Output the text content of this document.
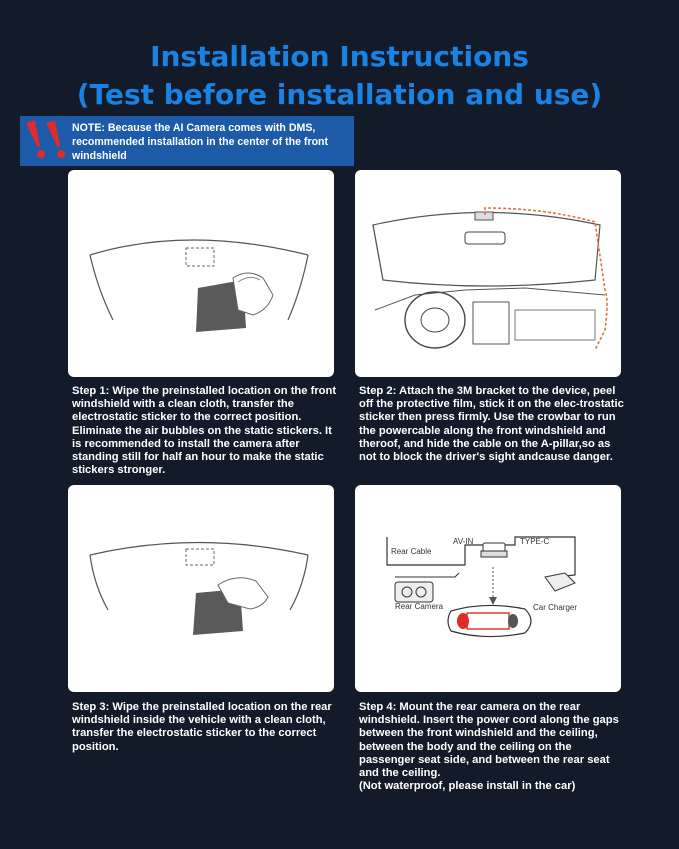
Installation Instructions
(Test before installation and use)
NOTE: Because the AI Camera comes with DMS, recommended installation in the center of the front windshield
AV-IN	TYPE-C
Rear Cable
Rear Camera	Car Charger
Step 1: Wipe the preinstalled location on the front windshield with a clean cloth, transfer the electrostatic sticker to the correct position. Eliminate the air bubbles on the static stickers. It is recommended to install the camera after standing still for half an hour to make the static stickers stronger.
Step 2: Attach the 3M bracket to the device, peel off the protective film, stick it on the elec-trostatic sticker then press firmly. Use the crowbar to run the powercable along the front windshield and theroof, and hide the cable on the A-pillar,so as not to block the driver's sight andcause danger.
Step 3: Wipe the preinstalled location on the rear windshield inside the vehicle with a clean cloth, transfer the electrostatic sticker to the correct position.
Step 4: Mount the rear camera on the rear windshield. Insert the power cord along the gaps between the front windshield and the ceiling, between the body and the ceiling on the passenger seat side, and between the rear seat and the ceiling.
(Not waterproof, please install in the car)
